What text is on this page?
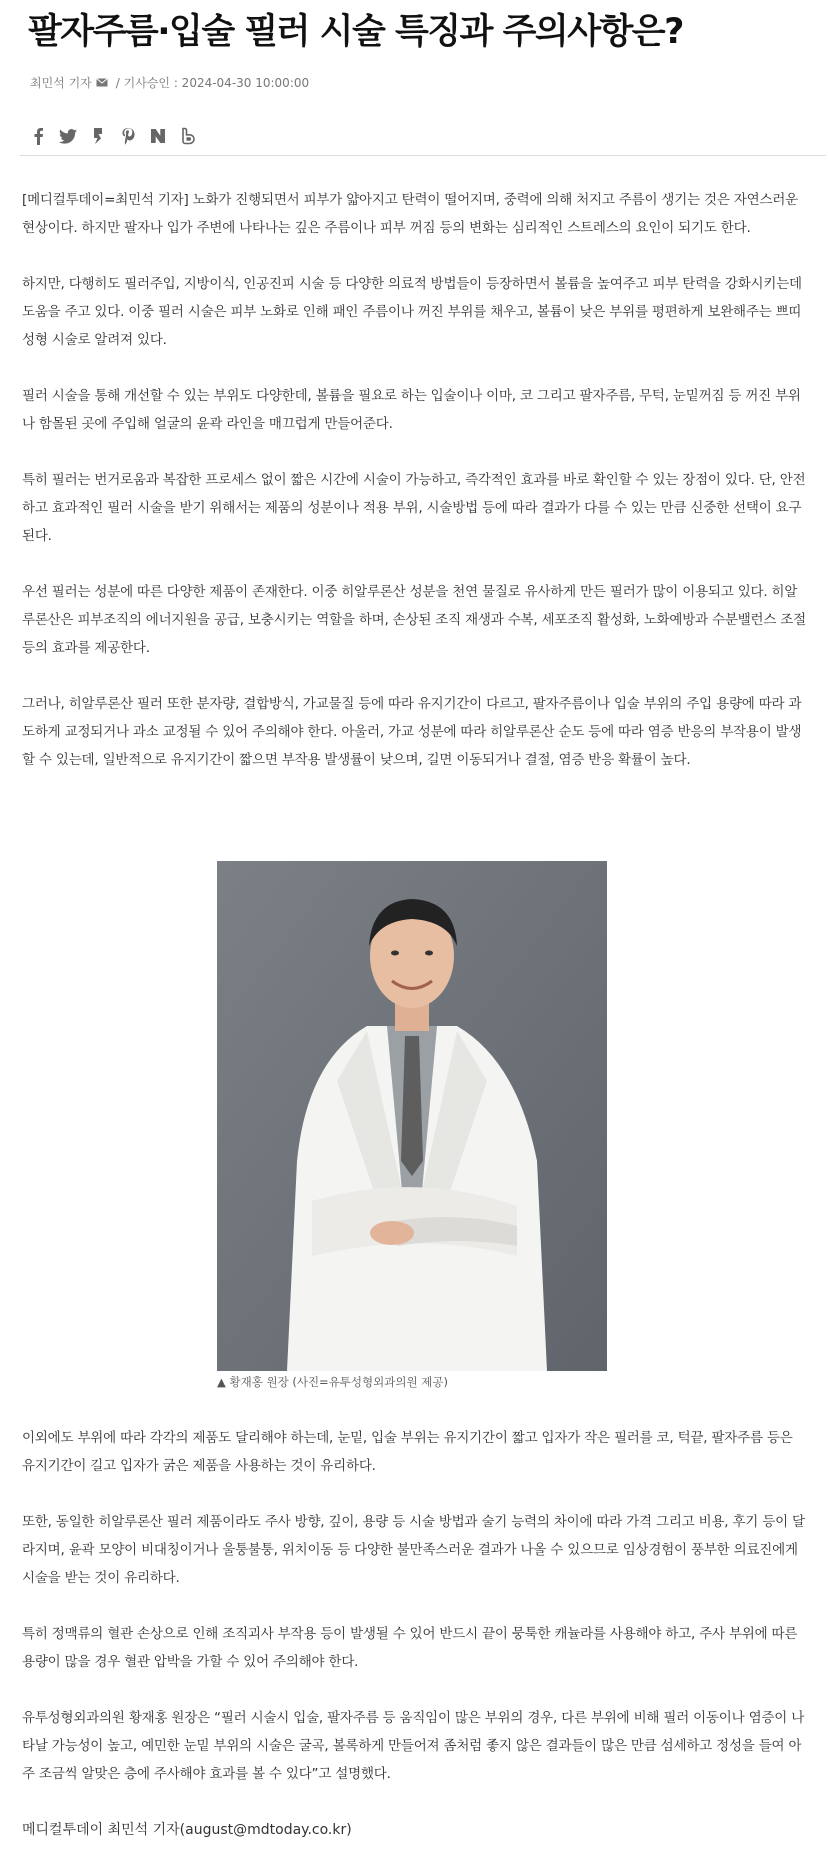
팔자주름·입술 필러 시술 특징과 주의사항은?
최민석 기자 / 기사승인 : 2024-04-30 10:00:00

[메디컬투데이=최민석 기자] 노화가 진행되면서 피부가 얇아지고 탄력이 떨어지며, 중력에 의해 처지고 주름이 생기는 것은 자연스러운 현상이다. 하지만 팔자나 입가 주변에 나타나는 깊은 주름이나 피부 꺼짐 등의 변화는 심리적인 스트레스의 요인이 되기도 한다.

하지만, 다행히도 필러주입, 지방이식, 인공진피 시술 등 다양한 의료적 방법들이 등장하면서 볼륨을 높여주고 피부 탄력을 강화시키는데 도움을 주고 있다. 이중 필러 시술은 피부 노화로 인해 패인 주름이나 꺼진 부위를 채우고, 볼륨이 낮은 부위를 평편하게 보완해주는 쁘띠성형 시술로 알려져 있다.

필러 시술을 통해 개선할 수 있는 부위도 다양한데, 볼륨을 필요로 하는 입술이나 이마, 코 그리고 팔자주름, 무턱, 눈밑꺼짐 등 꺼진 부위나 함몰된 곳에 주입해 얼굴의 윤곽 라인을 매끄럽게 만들어준다.

특히 필러는 번거로움과 복잡한 프로세스 없이 짧은 시간에 시술이 가능하고, 즉각적인 효과를 바로 확인할 수 있는 장점이 있다. 단, 안전하고 효과적인 필러 시술을 받기 위해서는 제품의 성분이나 적용 부위, 시술방법 등에 따라 결과가 다를 수 있는 만큼 신중한 선택이 요구된다.

우선 필러는 성분에 따른 다양한 제품이 존재한다. 이중 히알루론산 성분을 천연 물질로 유사하게 만든 필러가 많이 이용되고 있다. 히알루론산은 피부조직의 에너지원을 공급, 보충시키는 역할을 하며, 손상된 조직 재생과 수복, 세포조직 활성화, 노화예방과 수분밸런스 조절 등의 효과를 제공한다.

그러나, 히알루론산 필러 또한 분자량, 결합방식, 가교물질 등에 따라 유지기간이 다르고, 팔자주름이나 입술 부위의 주입 용량에 따라 과도하게 교정되거나 과소 교정될 수 있어 주의해야 한다. 아울러, 가교 성분에 따라 히알루론산 순도 등에 따라 염증 반응의 부작용이 발생할 수 있는데, 일반적으로 유지기간이 짧으면 부작용 발생률이 낮으며, 길면 이동되거나 결절, 염증 반응 확률이 높다.

▲ 황재홍 원장 (사진=유투성형외과의원 제공)

이외에도 부위에 따라 각각의 제품도 달리해야 하는데, 눈밑, 입술 부위는 유지기간이 짧고 입자가 작은 필러를 코, 턱끝, 팔자주름 등은 유지기간이 길고 입자가 굵은 제품을 사용하는 것이 유리하다.

또한, 동일한 히알루론산 필러 제품이라도 주사 방향, 깊이, 용량 등 시술 방법과 술기 능력의 차이에 따라 가격 그리고 비용, 후기 등이 달라지며, 윤곽 모양이 비대칭이거나 울퉁불퉁, 위치이동 등 다양한 불만족스러운 결과가 나올 수 있으므로 임상경험이 풍부한 의료진에게 시술을 받는 것이 유리하다.

특히 정맥류의 혈관 손상으로 인해 조직괴사 부작용 등이 발생될 수 있어 반드시 끝이 뭉툭한 캐뉼라를 사용해야 하고, 주사 부위에 따른 용량이 많을 경우 혈관 압박을 가할 수 있어 주의해야 한다.

유투성형외과의원 황재홍 원장은 “필러 시술시 입술, 팔자주름 등 움직임이 많은 부위의 경우, 다른 부위에 비해 필러 이동이나 염증이 나타날 가능성이 높고, 예민한 눈밑 부위의 시술은 굴곡, 볼록하게 만들어져 좀처럼 좋지 않은 결과들이 많은 만큼 섬세하고 정성을 들여 아주 조금씩 알맞은 층에 주사해야 효과를 볼 수 있다”고 설명했다.

메디컬투데이 최민석 기자(august@mdtoday.co.kr)
